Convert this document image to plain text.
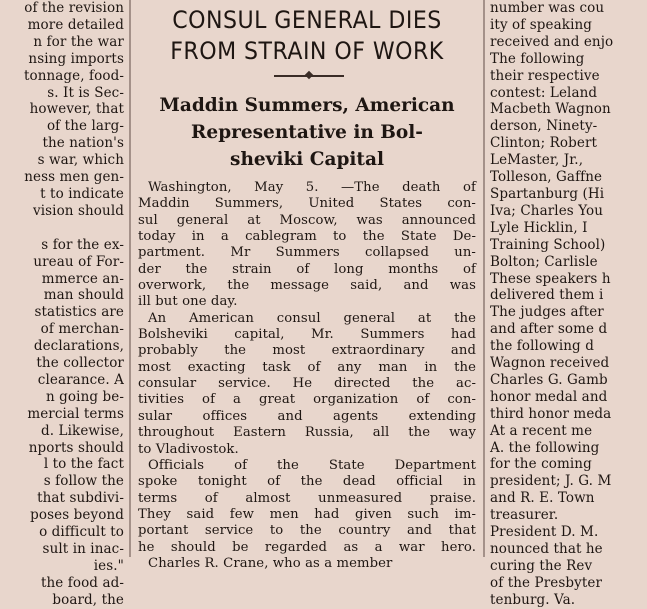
of the revision
more detailed
n for the war
nsing imports
tonnage, food-
s. It is Sec-
however, that
of the larg-
the nation's
s war, which
ness men gen-
t to indicate
vision should

s for the ex-
ureau of For-
mmerce an-
man should
statistics are
of merchan-
declarations,
the collector
clearance. A
n going be-
mercial terms
d. Likewise,
nports should
l to the fact
s follow the
that subdivi-
poses beyond
o difficult to
sult in inac-
ies."
the food ad-
board, the
CONSUL GENERAL DIES
FROM STRAIN OF WORK
Maddin Summers, American
Representative in Bol-
sheviki Capital
Washington, May 5. —The death of
Maddin Summers, United States con-
sul general at Moscow, was announced
today in a cablegram to the State De-
partment. Mr Summers collapsed un-
der the strain of long months of
overwork, the message said, and was
ill but one day.
An American consul general at the
Bolsheviki capital, Mr. Summers had
probably the most extraordinary and
most exacting task of any man in the
consular service. He directed the ac-
tivities of a great organization of con-
sular offices and agents extending
throughout Eastern Russia, all the way
to Vladivostok.
Officials of the State Department
spoke tonight of the dead official in
terms of almost unmeasured praise.
They said few men had given such im-
portant service to the country and that
he should be regarded as a war hero.
Charles R. Crane, who as a member
number was cou
ity of speaking
received and enjo
The following
their respective
contest: Leland
Macbeth Wagnon
derson, Ninety-
Clinton; Robert
LeMaster, Jr.,
Tolleson, Gaffne
Spartanburg (Hi
Iva; Charles You
Lyle Hicklin, I
Training School)
Bolton; Carlisle
These speakers h
delivered them i
The judges after
and after some d
the following d
Wagnon received
Charles G. Gamb
honor medal and
third honor meda
At a recent me
A. the following
for the coming
president; J. G. M
and R. E. Town
treasurer.
President D. M.
nounced that he
curing the Rev
of the Presbyter
tenburg. Va.
